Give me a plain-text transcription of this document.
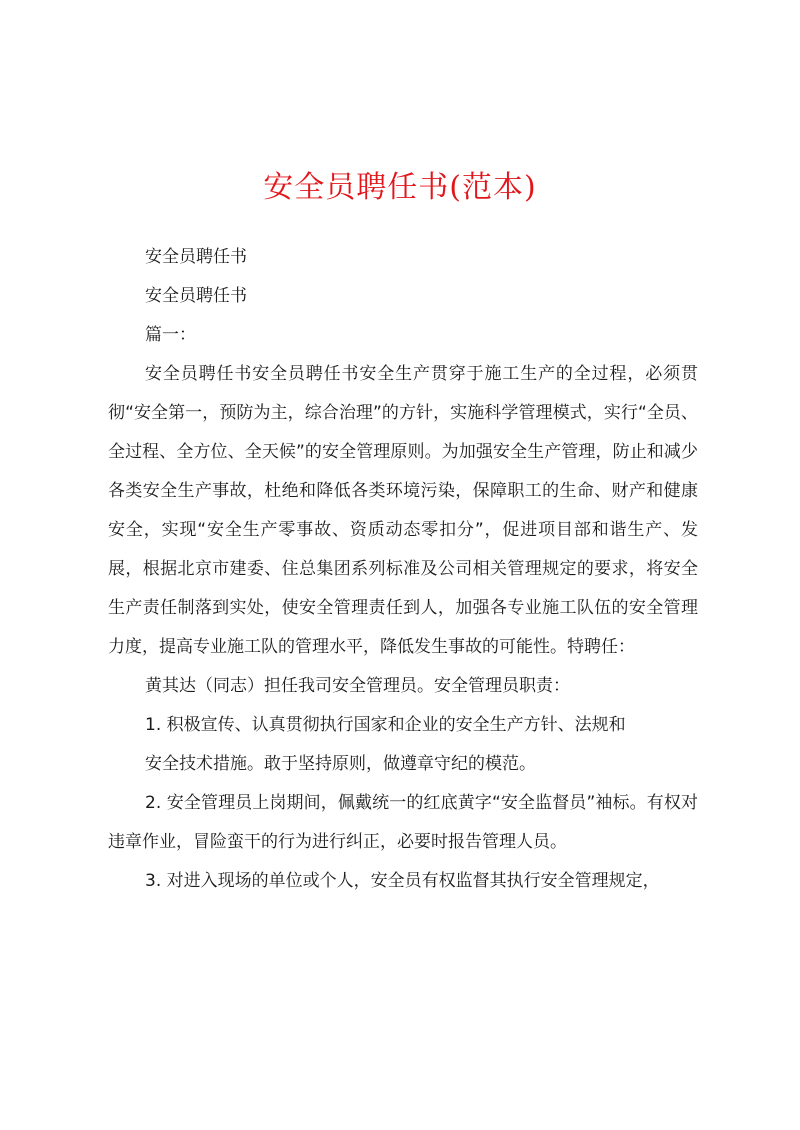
安全员聘任书(范本)

安全员聘任书

安全员聘任书

篇一：

安全员聘任书安全员聘任书安全生产贯穿于施工生产的全过程，必须贯彻“安全第一，预防为主，综合治理”的方针，实施科学管理模式，实行“全员、全过程、全方位、全天候”的安全管理原则。为加强安全生产管理，防止和减少各类安全生产事故，杜绝和降低各类环境污染，保障职工的生命、财产和健康安全，实现“安全生产零事故、资质动态零扣分”，促进项目部和谐生产、发展，根据北京市建委、住总集团系列标准及公司相关管理规定的要求，将安全生产责任制落到实处，使安全管理责任到人，加强各专业施工队伍的安全管理力度，提高专业施工队的管理水平，降低发生事故的可能性。特聘任：

黄其达（同志）担任我司安全管理员。安全管理员职责：

1. 积极宣传、认真贯彻执行国家和企业的安全生产方针、法规和

安全技术措施。敢于坚持原则，做遵章守纪的模范。

2. 安全管理员上岗期间，佩戴统一的红底黄字“安全监督员”袖标。有权对违章作业，冒险蛮干的行为进行纠正，必要时报告管理人员。

3. 对进入现场的单位或个人，安全员有权监督其执行安全管理规定，
